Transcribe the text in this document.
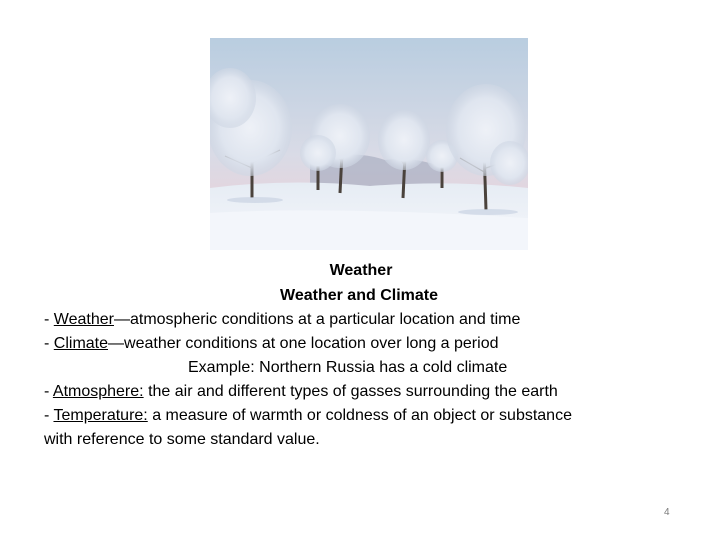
Weather
Weather and Climate
- Weather—atmospheric conditions at a particular location and time
- Climate—weather conditions at one location over long a period
Example: Northern Russia has a cold climate
- Atmosphere: the air and different types of gasses surrounding the earth
- Temperature: a measure of warmth or coldness of an object or substance
with reference to some standard value.
4
